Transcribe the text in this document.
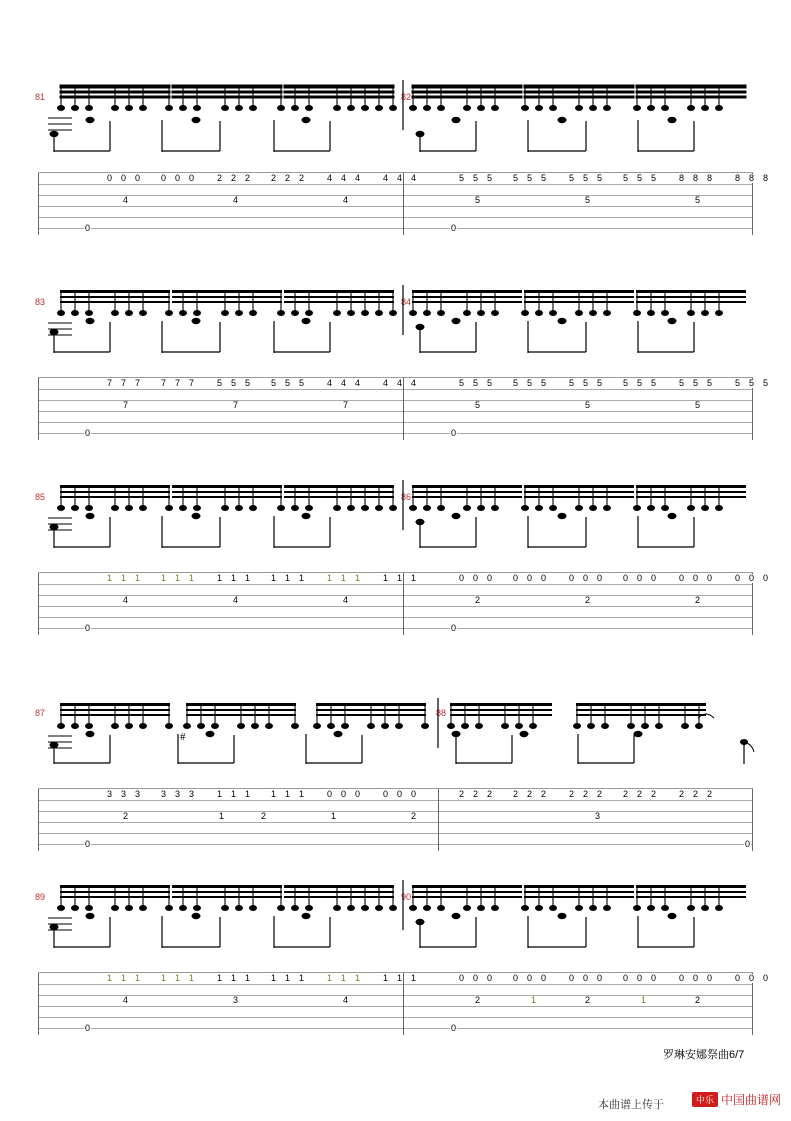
81	82
0 0 0 0 0 0	2 2 2 2 2 2	4 4 4	4 4 4	5 5 5 5 5 5	5 5 5 5 5 5	8 8 8	8 8 8
4	4	4	5	5	5
0	0
83	84
7 7 7 7 7 7	5 5 5 5 5 5	4 4 4	4 4 4	5 5 5 5 5 5	5 5 5 5 5 5	5 5 5	5 5 5
7	7	7	5	5	5
0	0
85	86
1 1 1 1 1 1	1 1 1 1 1 1	1 1 1	1 1 1	0 0 0 0 0 0	0 0 0 0 0 0	0 0 0	0 0 0
4	4	4	2	2	2
0	0
87	88
#
3 3 3 3 3 3	1 1 1 1 1 1	0 0 0	0 0 0	2 2 2 2 2 2	2 2 2 2 2 2	2 2 2
2	1	2	1	2	3
0	0
89	90
1 1 1 1 1 1	1 1 1 1 1 1	1 1 1	1 1 1	0 0 0 0 0 0	0 0 0 0 0 0	0 0 0	0 0 0
4	3	4	2	1	2	1	2
0	0
罗琳安娜祭曲6/7
本曲谱上传于	中乐 中国曲谱网
